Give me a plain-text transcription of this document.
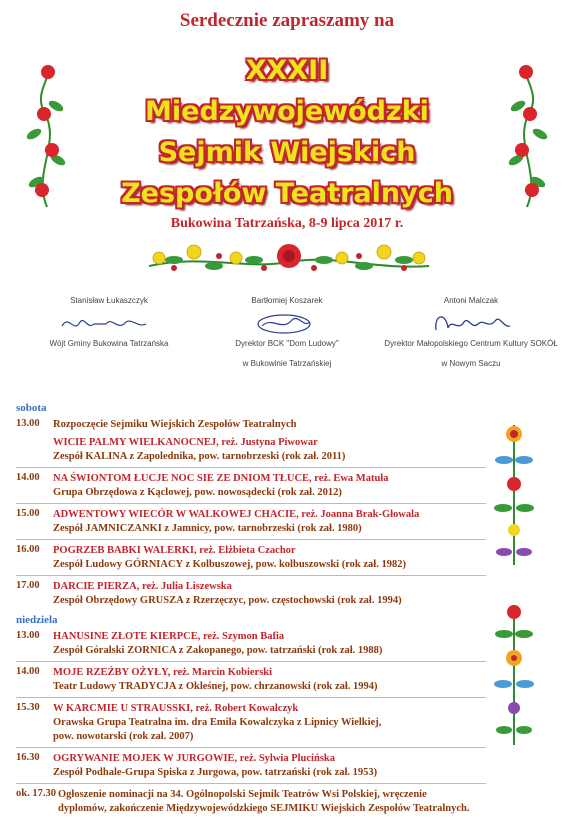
Serdecznie zapraszamy na
XXXII
Miedzywojewódzki
Sejmik Wiejskich
Zespołów Teatralnych
Bukowina Tatrzańska, 8-9 lipca 2017 r.
Stanisław Łukaszczyk
Wójt Gminy Bukowina Tatrzańska
Bartłomiej Koszarek
Dyrektor BCK "Dom Ludowy"
w Bukowinie Tatrzańskiej
Antoni Malczak
Dyrektor Małopolskiego Centrum Kultury SOKÓŁ
w Nowym Saczu
sobota
13.00	Rozpoczęcie Sejmiku Wiejskich Zespołów Teatralnych
WICIE PALMY WIELKANOCNEJ, reż. Justyna Piwowar
Zespół KALINA z Zapolednika, pow. tarnobrzeski (rok zał. 2011)
14.00	NA ŚWIONTOM ŁUCJE NOC SIE ZE DNIOM TŁUCE, reż. Ewa Matuła
Grupa Obrzędowa z Kąclowej, pow. nowosądecki (rok zał. 2012)
15.00	ADWENTOWY WIECÓR W WALKOWEJ CHACIE, reż. Joanna Brak-Głowala
Zespół JAMNICZANKI z Jamnicy, pow. tarnobrzeski (rok zał. 1980)
16.00	POGRZEB BABKI WALERKI, reż. Elżbieta Czachor
Zespół Ludowy GÓRNIACY z Kolbuszowej, pow. kolbuszowski (rok zał. 1982)
17.00	DARCIE PIERZA, reż. Julia Liszewska
Zespół Obrzędowy GRUSZA z Rzerzęczyc, pow. częstochowski (rok zał. 1994)
niedziela
13.00	HANUSINE ZŁOTE KIERPCE, reż. Szymon Bafia
Zespół Góralski ZORNICA z Zakopanego, pow. tatrzański (rok zał. 1988)
14.00	MOJE RZEŹBY OŻYŁY, reż. Marcin Kobierski
Teatr Ludowy TRADYCJA z Okleśnej, pow. chrzanowski (rok zał. 1994)
15.30	W KARCMIE U STRAUSSKI, reż. Robert Kowalczyk
Orawska Grupa Teatralna im. dra Emila Kowalczyka z Lipnicy Wielkiej,
pow. nowotarski (rok zał. 2007)
16.30	OGRYWANIE MOJEK W JURGOWIE, reż. Sylwia Plucińska
Zespół Podhale-Grupa Spiska z Jurgowa, pow. tatrzański (rok zał. 1953)
ok. 17.30 Ogłoszenie nominacji na 34. Ogólnopolski Sejmik Teatrów Wsi Polskiej, wręczenie
dyplomów, zakończenie Międzywojewódzkiego SEJMIKU Wiejskich Zespołów Teatralnych.
